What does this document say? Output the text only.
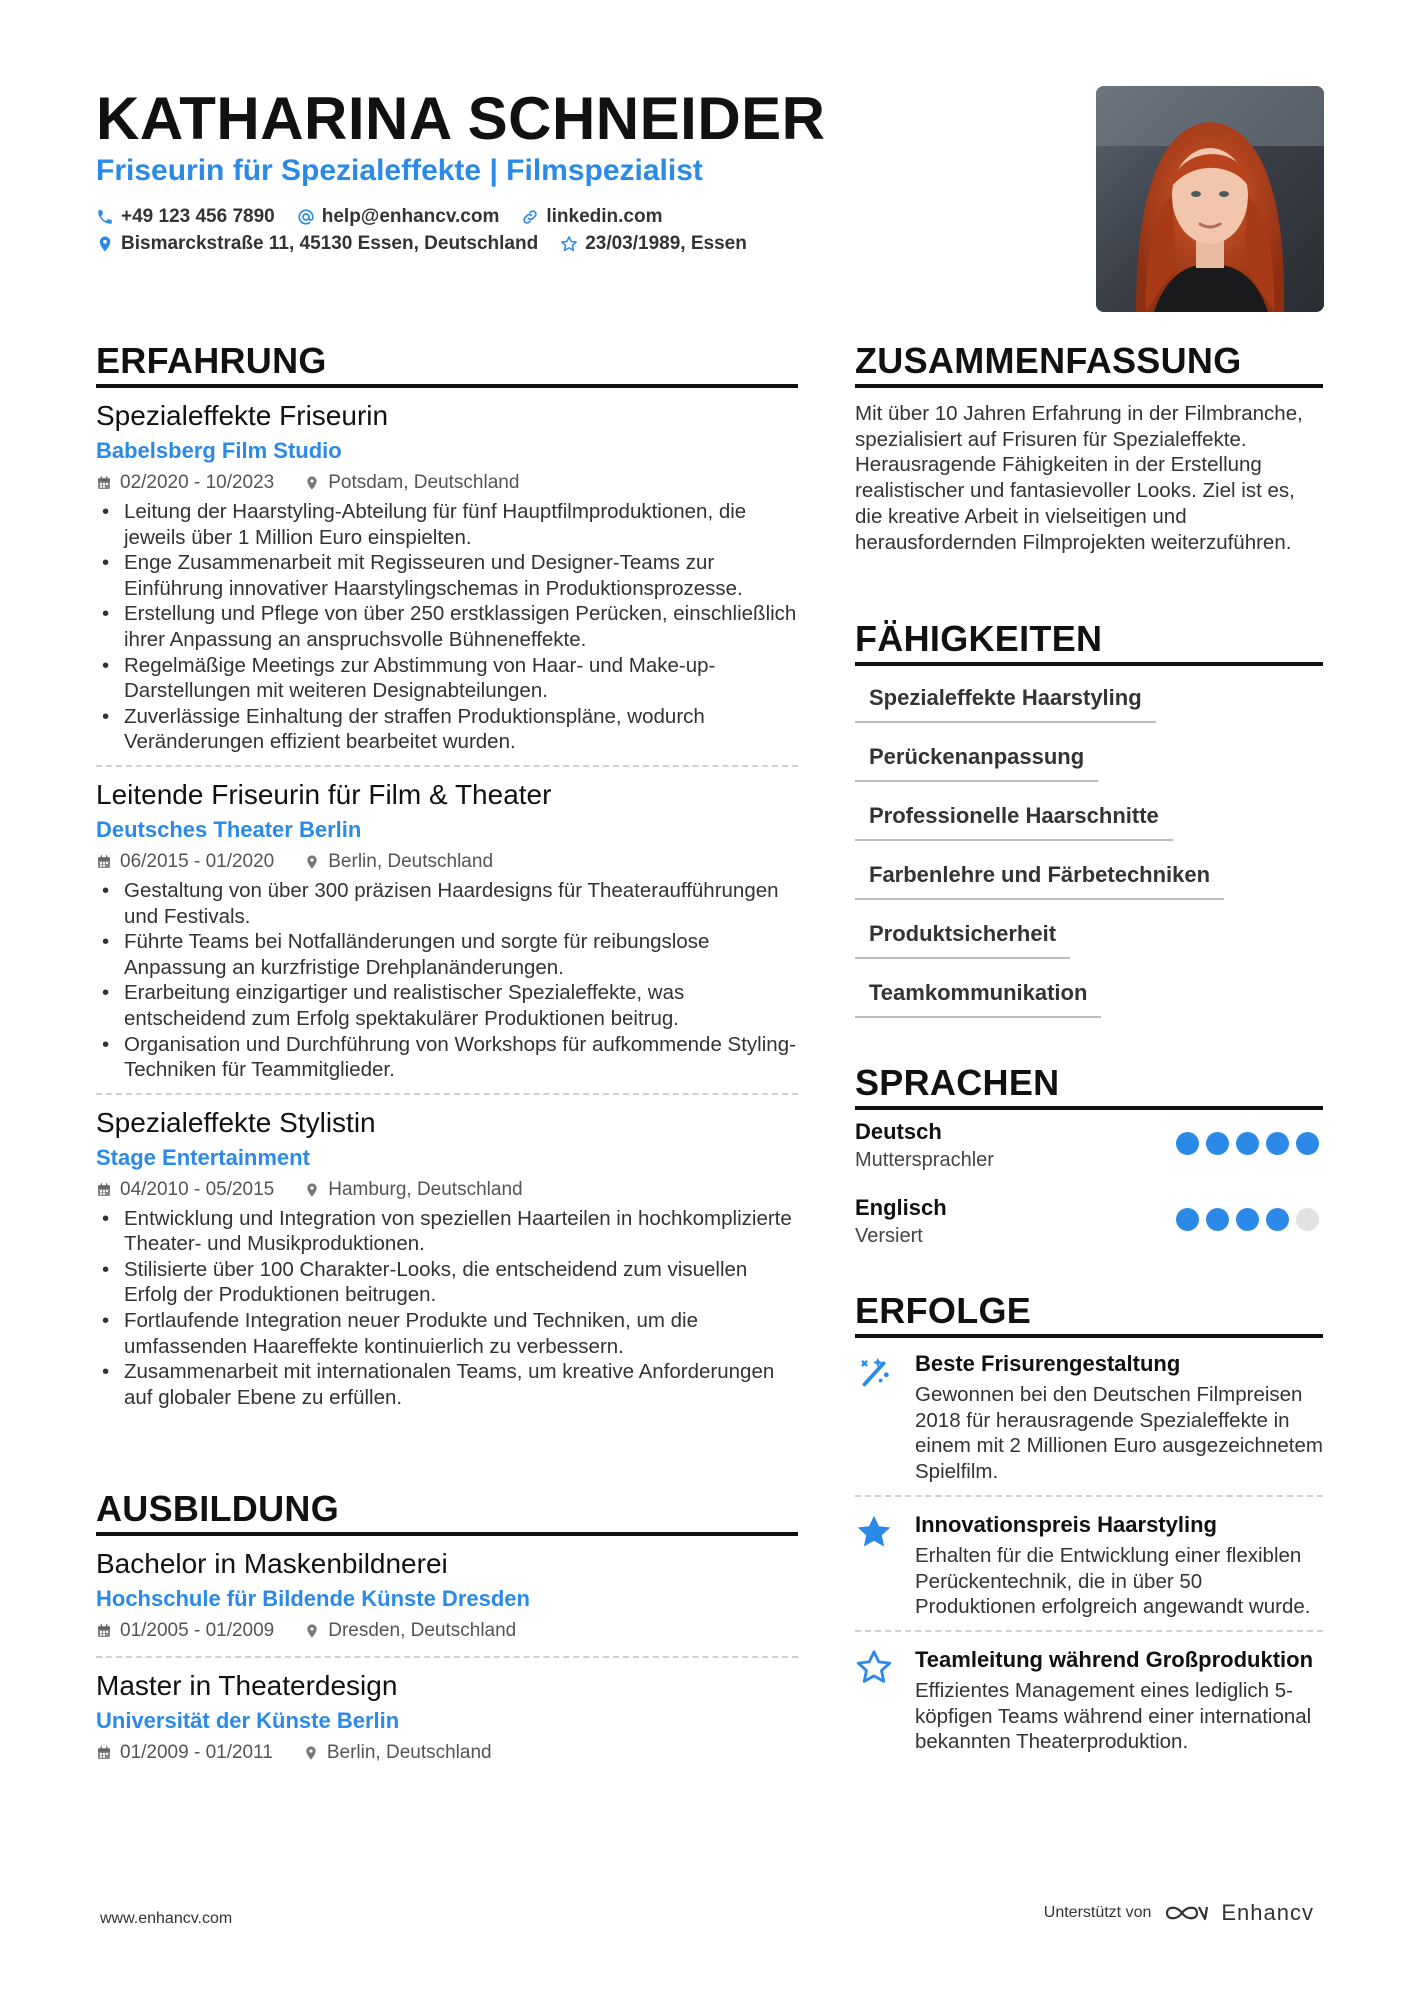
KATHARINA SCHNEIDER
Friseurin für Spezialeffekte | Filmspezialist
+49 123 456 7890 help@enhancv.com linkedin.com
Bismarckstraße 11, 45130 Essen, Deutschland 23/03/1989, Essen
ERFAHRUNG
Spezialeffekte Friseurin
Babelsberg Film Studio
02/2020 - 10/2023	Potsdam, Deutschland
• Leitung der Haarstyling-Abteilung für fünf Hauptfilmproduktionen, die jeweils über 1 Million Euro einspielten.
• Enge Zusammenarbeit mit Regisseuren und Designer-Teams zur Einführung innovativer Haarstylingschemas in Produktionsprozesse.
• Erstellung und Pflege von über 250 erstklassigen Perücken, einschließlich ihrer Anpassung an anspruchsvolle Bühneneffekte.
• Regelmäßige Meetings zur Abstimmung von Haar- und Make-up-Darstellungen mit weiteren Designabteilungen.
• Zuverlässige Einhaltung der straffen Produktionspläne, wodurch Veränderungen effizient bearbeitet wurden.
Leitende Friseurin für Film & Theater
Deutsches Theater Berlin
06/2015 - 01/2020	Berlin, Deutschland
• Gestaltung von über 300 präzisen Haardesigns für Theateraufführungen und Festivals.
• Führte Teams bei Notfalländerungen und sorgte für reibungslose Anpassung an kurzfristige Drehplanänderungen.
• Erarbeitung einzigartiger und realistischer Spezialeffekte, was entscheidend zum Erfolg spektakulärer Produktionen beitrug.
• Organisation und Durchführung von Workshops für aufkommende Styling-Techniken für Teammitglieder.
Spezialeffekte Stylistin
Stage Entertainment
04/2010 - 05/2015	Hamburg, Deutschland
• Entwicklung und Integration von speziellen Haarteilen in hochkomplizierte Theater- und Musikproduktionen.
• Stilisierte über 100 Charakter-Looks, die entscheidend zum visuellen Erfolg der Produktionen beitrugen.
• Fortlaufende Integration neuer Produkte und Techniken, um die umfassenden Haareffekte kontinuierlich zu verbessern.
• Zusammenarbeit mit internationalen Teams, um kreative Anforderungen auf globaler Ebene zu erfüllen.
AUSBILDUNG
Bachelor in Maskenbildnerei
Hochschule für Bildende Künste Dresden
01/2005 - 01/2009	Dresden, Deutschland
Master in Theaterdesign
Universität der Künste Berlin
01/2009 - 01/2011	Berlin, Deutschland
ZUSAMMENFASSUNG
Mit über 10 Jahren Erfahrung in der Filmbranche, spezialisiert auf Frisuren für Spezialeffekte. Herausragende Fähigkeiten in der Erstellung realistischer und fantasievoller Looks. Ziel ist es, die kreative Arbeit in vielseitigen und herausfordernden Filmprojekten weiterzuführen.
FÄHIGKEITEN
Spezialeffekte Haarstyling
Perückenanpassung
Professionelle Haarschnitte
Farbenlehre und Färbetechniken
Produktsicherheit
Teamkommunikation
SPRACHEN
Deutsch
Muttersprachler
Englisch
Versiert
ERFOLGE
Beste Frisurengestaltung
Gewonnen bei den Deutschen Filmpreisen 2018 für herausragende Spezialeffekte in einem mit 2 Millionen Euro ausgezeichnetem Spielfilm.
Innovationspreis Haarstyling
Erhalten für die Entwicklung einer flexiblen Perückentechnik, die in über 50 Produktionen erfolgreich angewandt wurde.
Teamleitung während Großproduktion
Effizientes Management eines lediglich 5-köpfigen Teams während einer international bekannten Theaterproduktion.
www.enhancv.com	Unterstützt von	Enhancv
